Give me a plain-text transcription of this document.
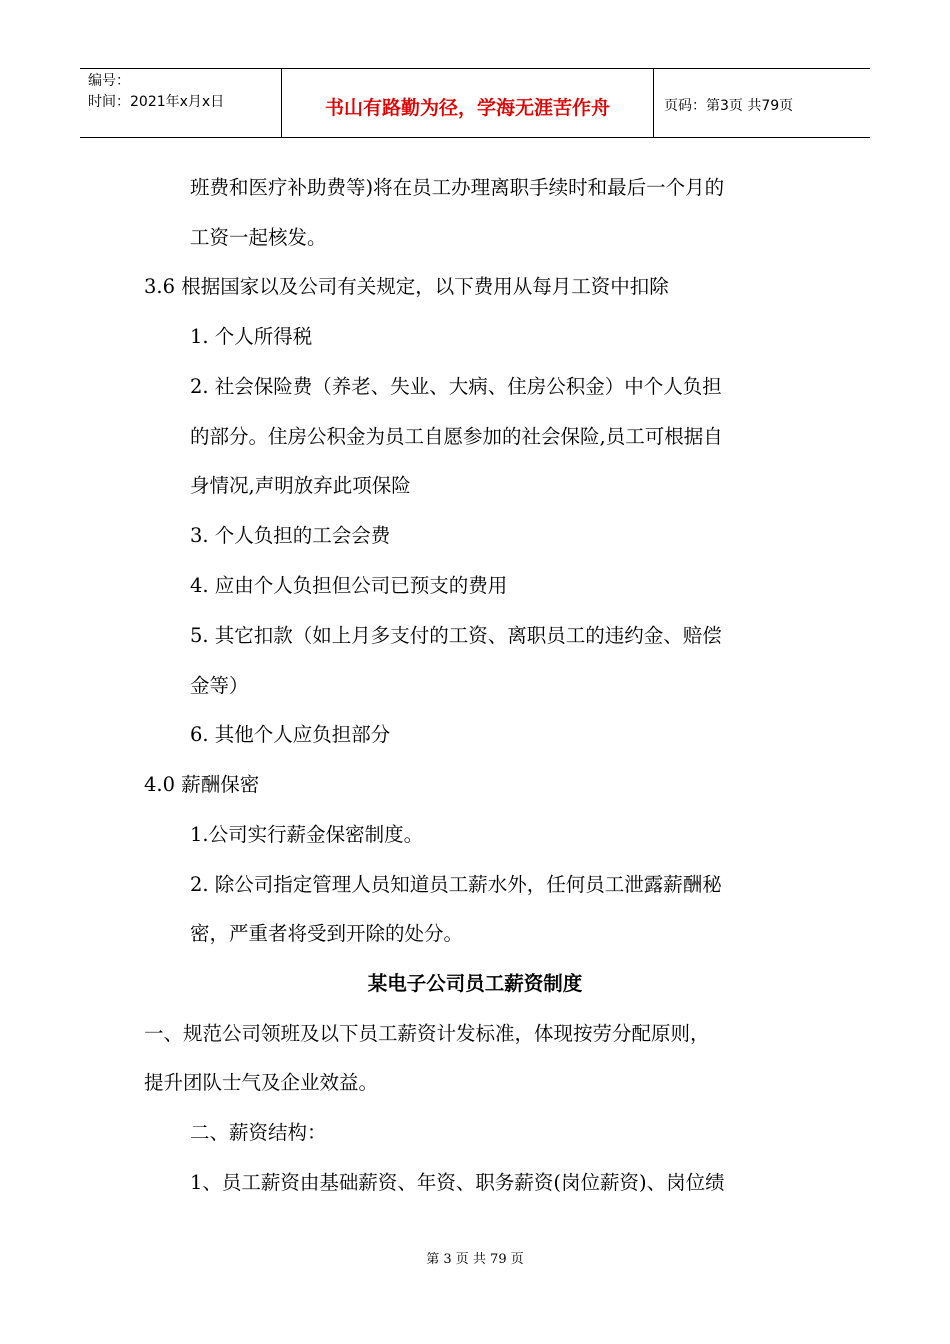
编号：
时间：2021年x月x日	书山有路勤为径，学海无涯苦作舟	页码：第3页 共79页
班费和医疗补助费等)将在员工办理离职手续时和最后一个月的
工资一起核发。
3.6 根据国家以及公司有关规定，以下费用从每月工资中扣除
1. 个人所得税
2. 社会保险费（养老、失业、大病、住房公积金）中个人负担
的部分。住房公积金为员工自愿参加的社会保险,员工可根据自
身情况,声明放弃此项保险
3. 个人负担的工会会费
4. 应由个人负担但公司已预支的费用
5. 其它扣款（如上月多支付的工资、离职员工的违约金、赔偿
金等）
6. 其他个人应负担部分
4.0 薪酬保密
1.公司实行薪金保密制度。
2. 除公司指定管理人员知道员工薪水外，任何员工泄露薪酬秘
密，严重者将受到开除的处分。
某电子公司员工薪资制度
一、规范公司领班及以下员工薪资计发标准，体现按劳分配原则，
提升团队士气及企业效益。
二、薪资结构：
1、员工薪资由基础薪资、年资、职务薪资(岗位薪资)、岗位绩
第 3 页 共 79 页
